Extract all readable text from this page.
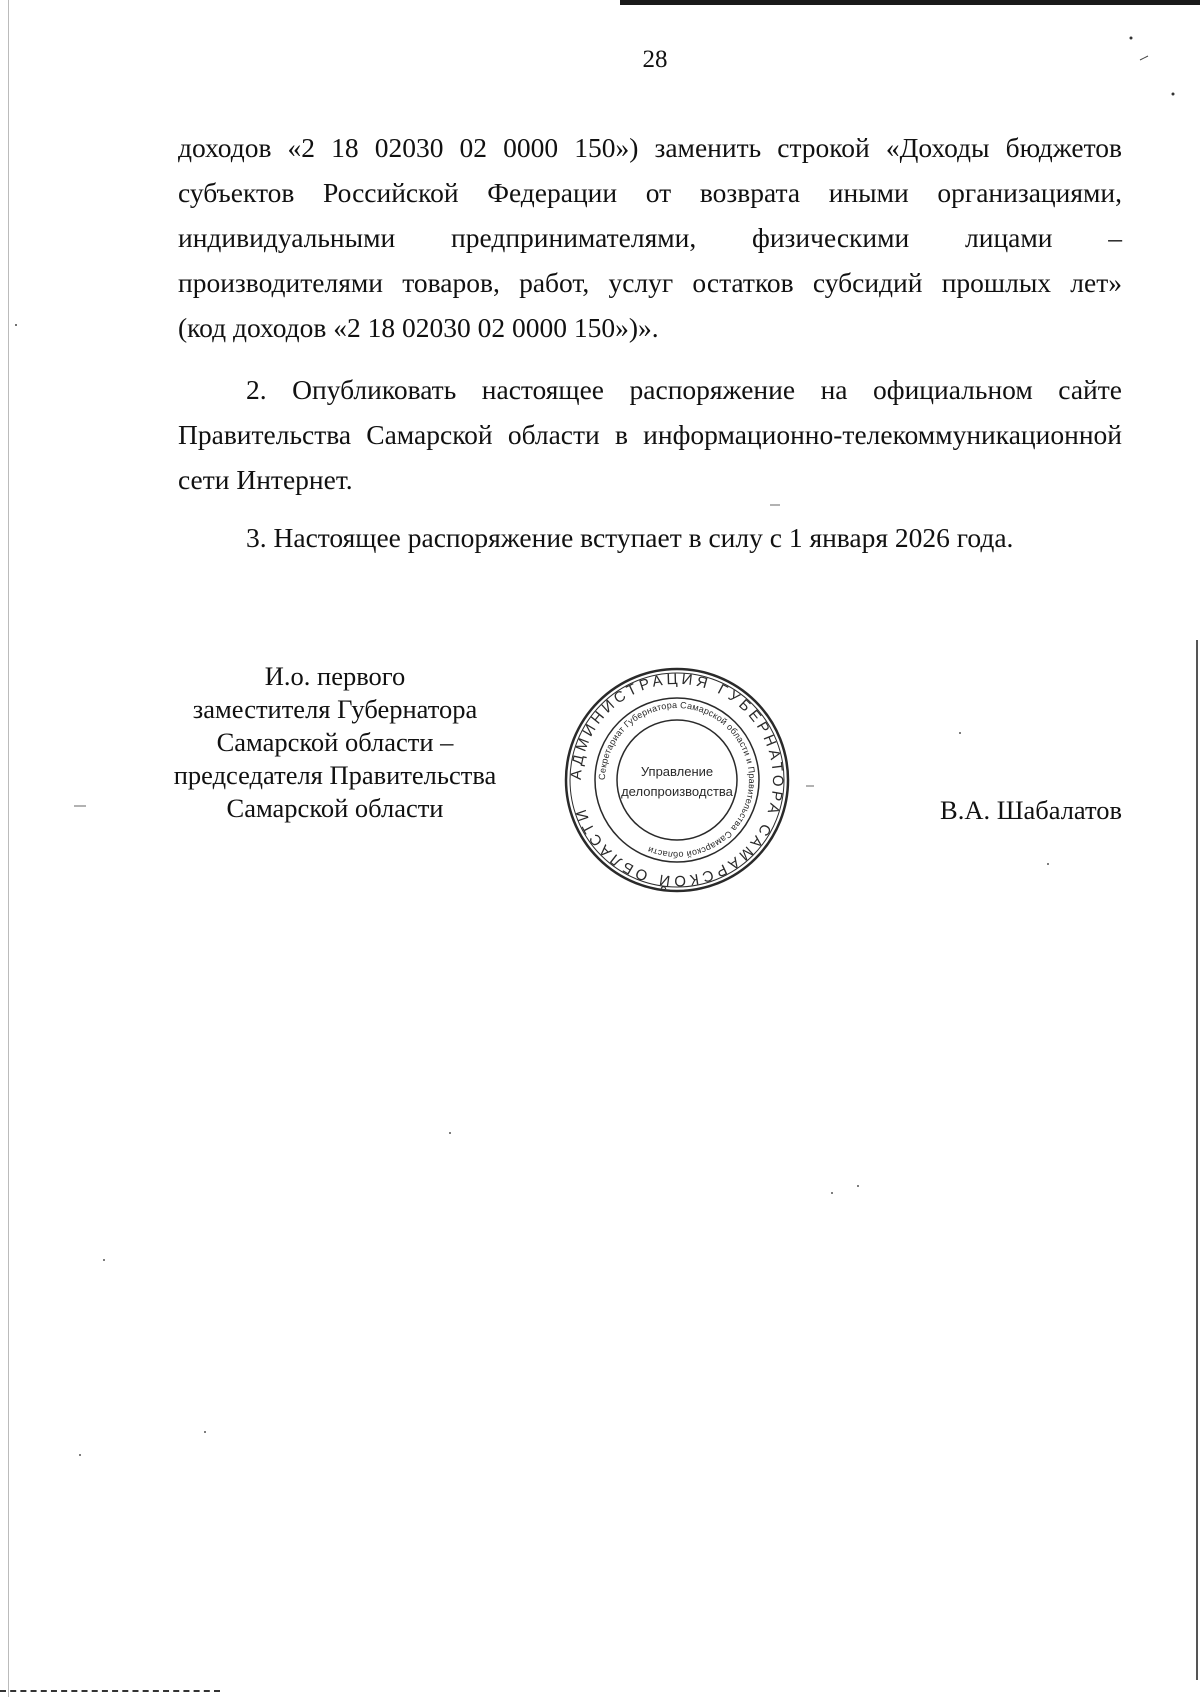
28
доходов «2 18 02030 02 0000 150») заменить строкой «Доходы бюджетов
субъектов Российской Федерации от возврата иными организациями,
индивидуальными предпринимателями, физическими лицами –
производителями товаров, работ, услуг остатков субсидий прошлых лет»
(код доходов «2 18 02030 02 0000 150»)».

2. Опубликовать настоящее распоряжение на официальном сайте Правительства Самарской области в информационно-телекоммуникационной сети Интернет.

3. Настоящее распоряжение вступает в силу с 1 января 2026 года.

И.о. первого
заместителя Губернатора
Самарской области –
председателя Правительства
Самарской области
АДМИНИСТРАЦИЯ ГУБЕРНАТОРА САМАРСКОЙ ОБЛАСТИ
Секретариат Губернатора Самарской области и Правительства Самарской области
Управление
делопроизводства
В.А. Шабалатов
